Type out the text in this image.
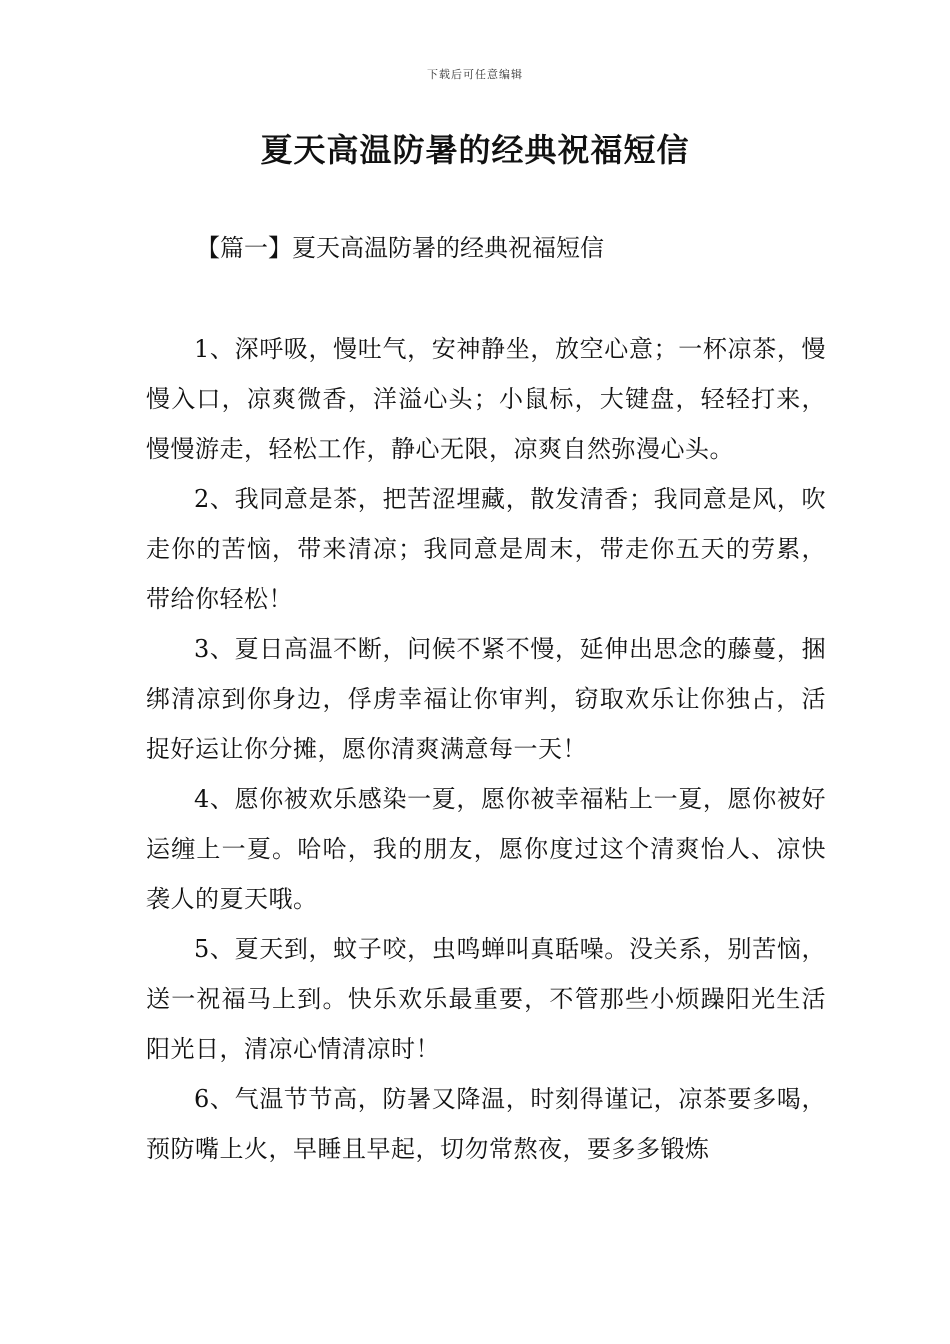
下载后可任意编辑
夏天高温防暑的经典祝福短信
【篇一】夏天高温防暑的经典祝福短信

1、深呼吸，慢吐气，安神静坐，放空心意；一杯凉茶，慢慢入口，凉爽微香，洋溢心头；小鼠标，大键盘，轻轻打来，慢慢游走，轻松工作，静心无限，凉爽自然弥漫心头。

2、我同意是茶，把苦涩埋藏，散发清香；我同意是风，吹走你的苦恼，带来清凉；我同意是周末，带走你五天的劳累，带给你轻松！

3、夏日高温不断，问候不紧不慢，延伸出思念的藤蔓，捆绑清凉到你身边，俘虏幸福让你审判，窃取欢乐让你独占，活捉好运让你分摊，愿你清爽满意每一天！

4、愿你被欢乐感染一夏，愿你被幸福粘上一夏，愿你被好运缠上一夏。哈哈，我的朋友，愿你度过这个清爽怡人、凉快袭人的夏天哦。

5、夏天到，蚊子咬，虫鸣蝉叫真聒噪。没关系，别苦恼，送一祝福马上到。快乐欢乐最重要，不管那些小烦躁阳光生活阳光日，清凉心情清凉时！

6、气温节节高，防暑又降温，时刻得谨记，凉茶要多喝，预防嘴上火，早睡且早起，切勿常熬夜，要多多锻炼
